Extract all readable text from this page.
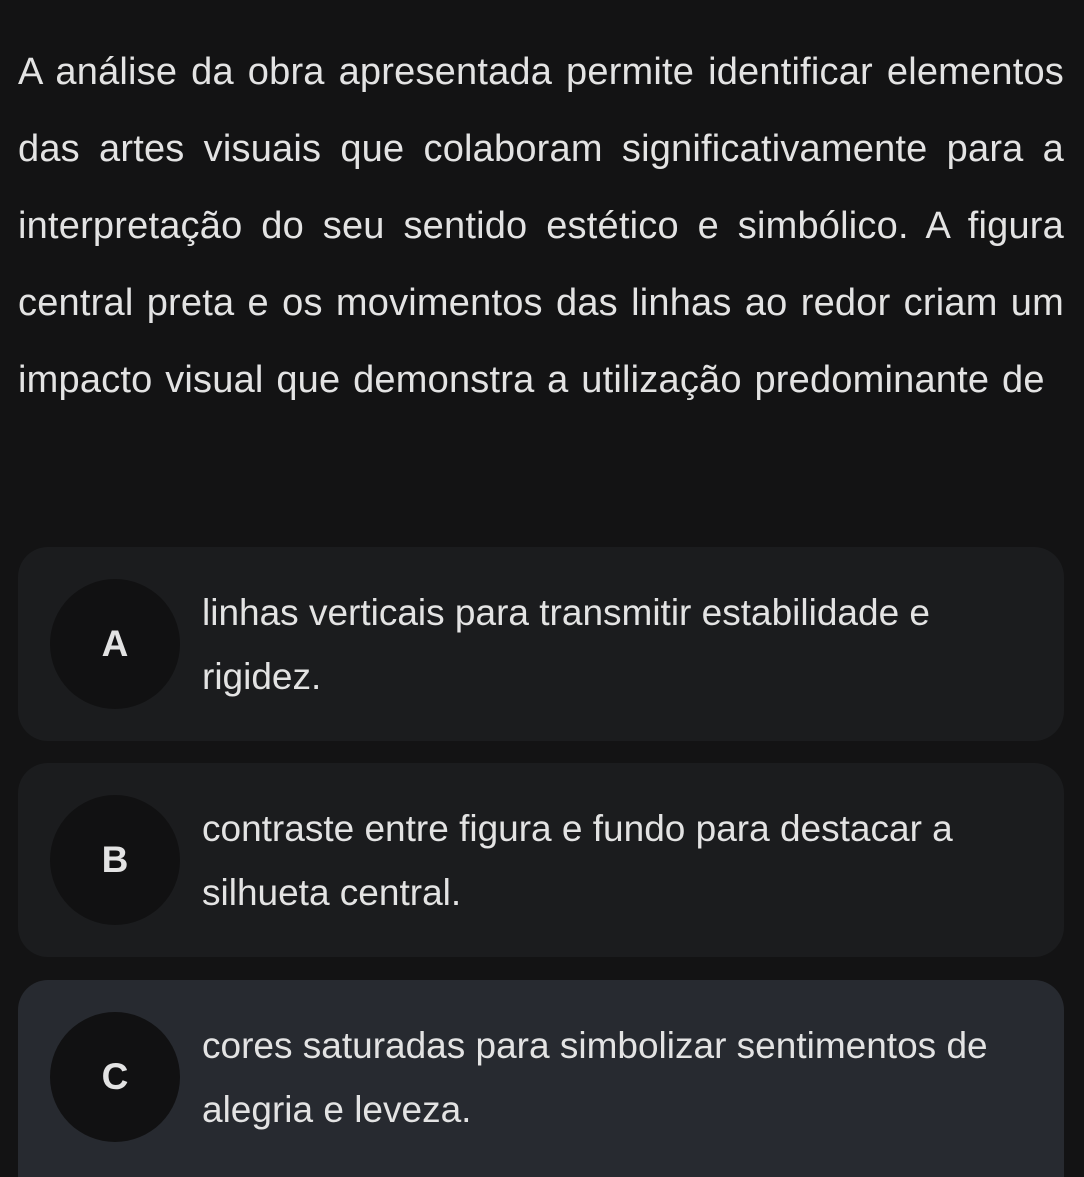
A análise da obra apresentada permite identificar elementos das artes visuais que colaboram significativamente para a interpretação do seu sentido estético e simbólico. A figura central preta e os movimentos das linhas ao redor criam um impacto visual que demonstra a utilização predominante de

A

linhas verticais para transmitir estabilidade e rigidez.

B

contraste entre figura e fundo para destacar a silhueta central.

C

cores saturadas para simbolizar sentimentos de alegria e leveza.
